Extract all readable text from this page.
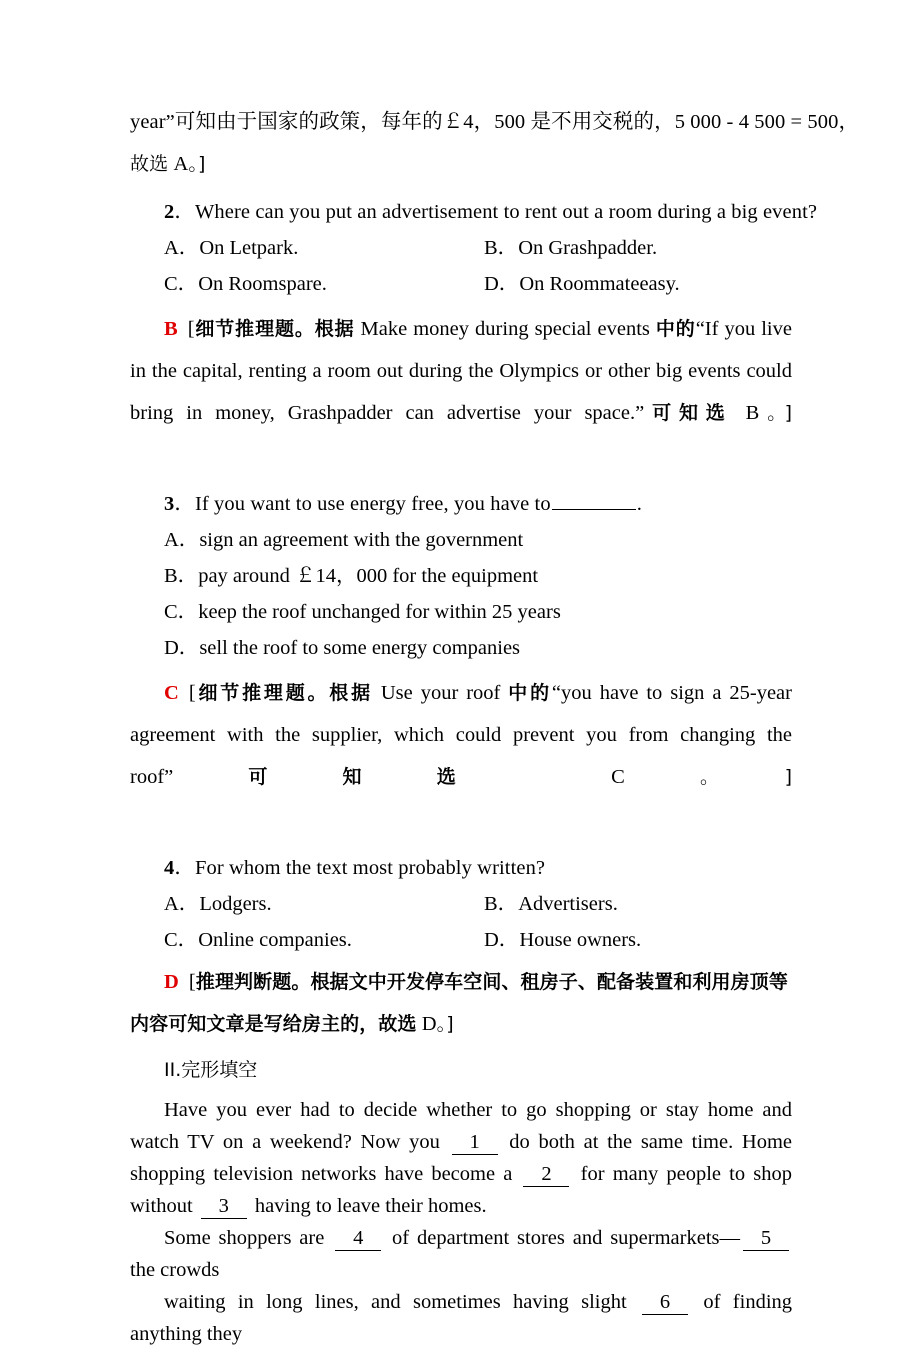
year”可知由于国家的政策，每年的￡4，500 是不用交税的，5 000 - 4 500 = 500，
故选 A。]
2．Where can you put an advertisement to rent out a room during a big event?
A．On Letpark.	B．On Grashpadder.
C．On Roomspare.	D．On Roommateeasy.
B [细节推理题。根据 Make money during special events 中的“If you live in the capital, renting a room out during the Olympics or other big events could bring in money, Grashpadder can advertise your space.”可知选 B。]
3．If you want to use energy free, you have to	.
A．sign an agreement with the government
B．pay around ￡14，000 for the equipment
C．keep the roof unchanged for within 25 years
D．sell the roof to some energy companies
C [细节推理题。根据 Use your roof 中的“you have to sign a 25-year agreement with the supplier, which could prevent you from changing the roof”可知选	C。]
4．For whom the text most probably written?
A．Lodgers.	B．Advertisers.
C．Online companies.	D．House owners.
D [推理判断题。根据文中开发停车空间、租房子、配备装置和利用房顶等
内容可知文章是写给房主的，故选 D。]
II.完形填空
Have you ever had to decide whether to go shopping or stay home and watch TV on a weekend? Now you 1 do both at the same time. Home shopping television networks have become a 2 for many people to shop without 3 having to leave their homes.
Some shoppers are 4 of department stores and supermarkets— 5 the crowds
waiting in long lines, and sometimes having slight 6 of finding anything they
